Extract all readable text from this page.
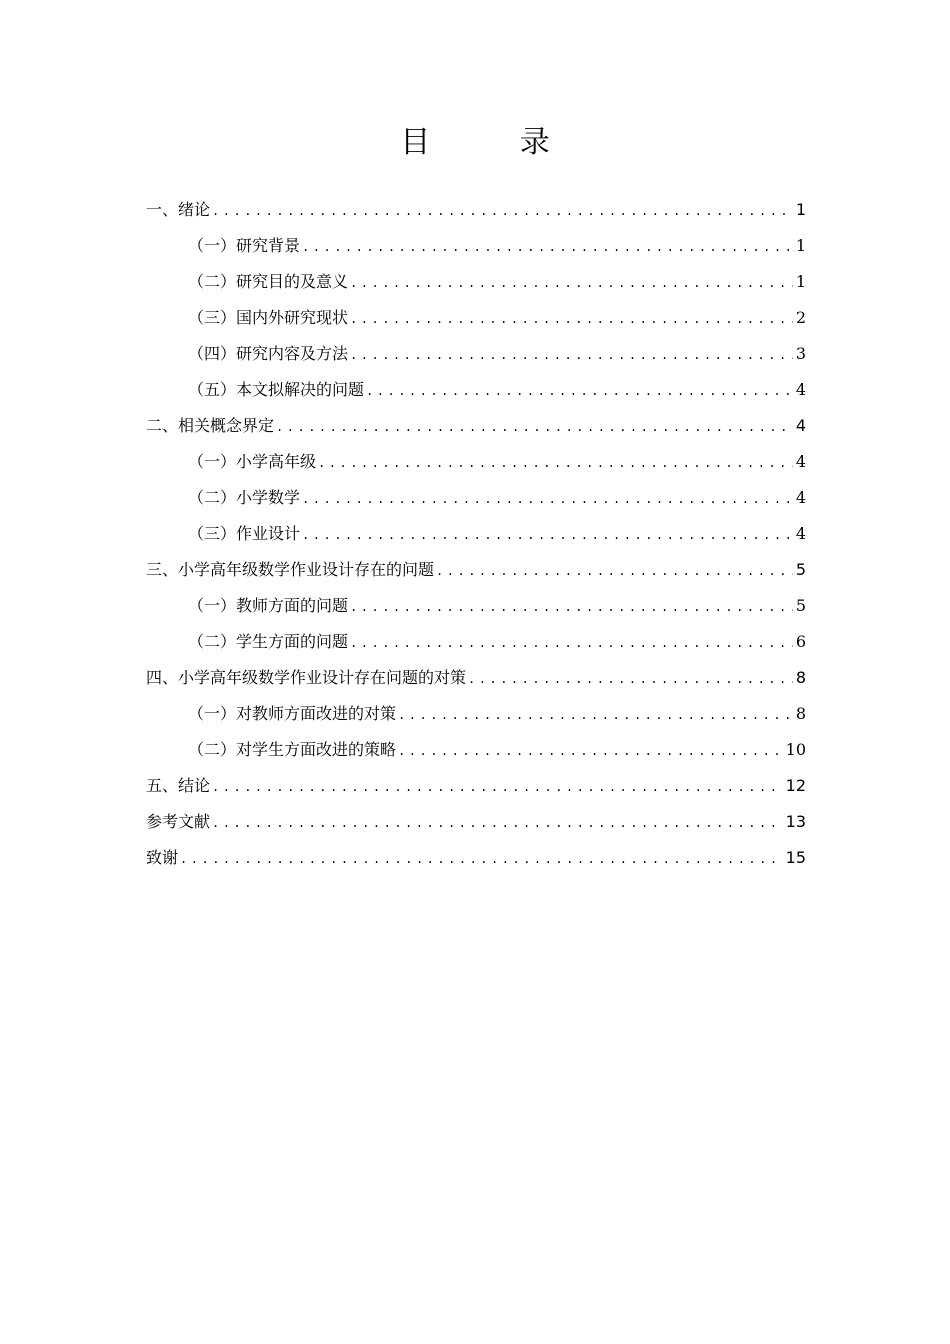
目 录
一、绪论 .....	1
（一）研究背景 .....	1
（二）研究目的及意义 .....	1
（三）国内外研究现状 .....	2
（四）研究内容及方法 .....	3
（五）本文拟解决的问题 .....	4
二、相关概念界定 .....	4
（一）小学高年级 .....	4
（二）小学数学 .....	4
（三）作业设计 .....	4
三、小学高年级数学作业设计存在的问题 .....	5
（一）教师方面的问题 .....	5
（二）学生方面的问题 .....	6
四、小学高年级数学作业设计存在问题的对策 .....	8
（一）对教师方面改进的对策 .....	8
（二）对学生方面改进的策略 .....	10
五、结论 .....	12
参考文献 .....	13
致谢 .....	15
